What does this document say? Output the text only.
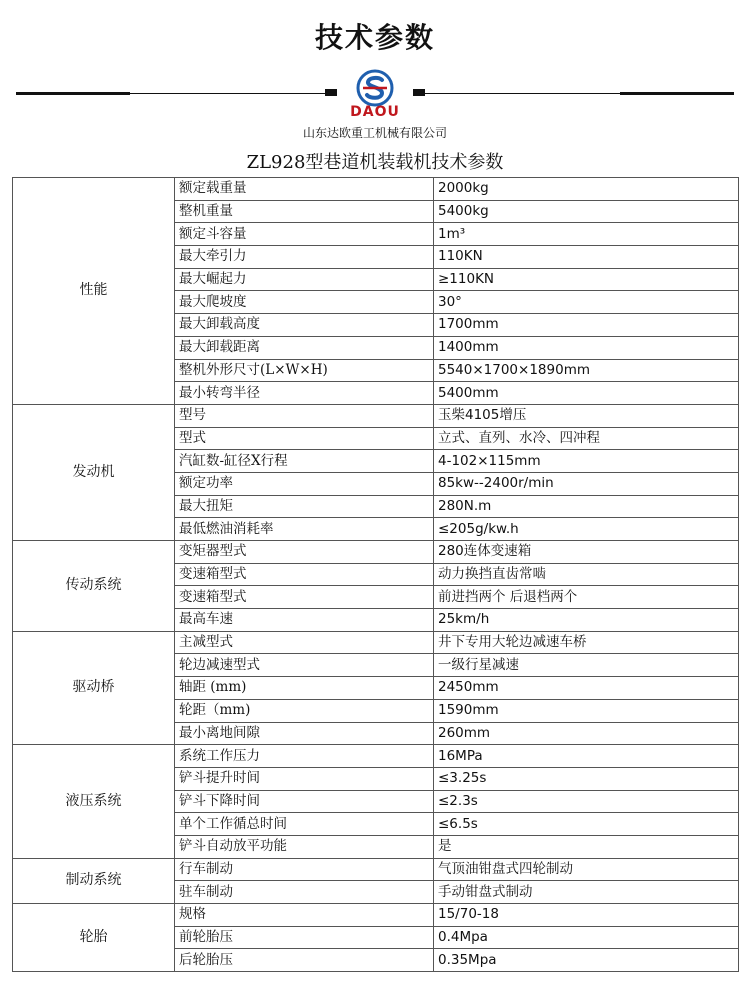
技术参数
DAOU
山东达欧重工机械有限公司
ZL928型巷道机装载机技术参数
性能	额定载重量	2000kg
	整机重量	5400kg
	额定斗容量	1m³
	最大牵引力	110KN
	最大崛起力	≥110KN
	最大爬坡度	30°
	最大卸载高度	1700mm
	最大卸载距离	1400mm
	整机外形尺寸(L×W×H)	5540×1700×1890mm
	最小转弯半径	5400mm
发动机	型号	玉柴4105增压
	型式	立式、直列、水冷、四冲程
	汽缸数-缸径X行程	4-102×115mm
	额定功率	85kw--2400r/min
	最大扭矩	280N.m
	最低燃油消耗率	≤205g/kw.h
传动系统	变矩器型式	280连体变速箱
	变速箱型式	动力换挡直齿常啮
	变速箱型式	前进挡两个 后退档两个
	最高车速	25km/h
驱动桥	主减型式	井下专用大轮边减速车桥
	轮边减速型式	一级行星减速
	轴距 (mm)	2450mm
	轮距（mm)	1590mm
	最小离地间隙	260mm
液压系统	系统工作压力	16MPa
	铲斗提升时间	≤3.25s
	铲斗下降时间	≤2.3s
	单个工作循总时间	≤6.5s
	铲斗自动放平功能	是
制动系统	行车制动	气顶油钳盘式四轮制动
	驻车制动	手动钳盘式制动
轮胎	规格	15/70-18
	前轮胎压	0.4Mpa
	后轮胎压	0.35Mpa
